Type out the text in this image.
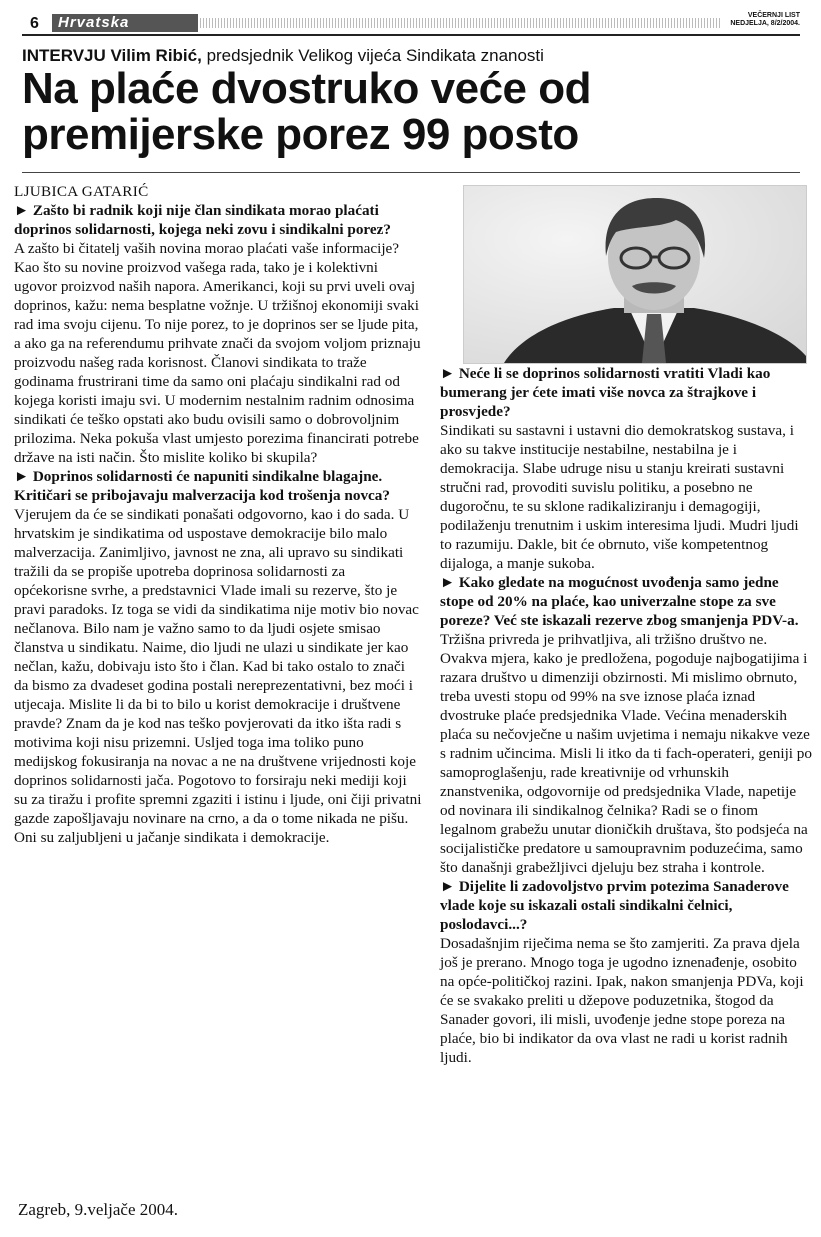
6	Hrvatska	VEČERNJI LIST
NEDJELJA, 8/2/2004.
INTERVJU Vilim Ribić, predsjednik Velikog vijeća Sindikata znanosti
Na plaće dvostruko veće od
premijerske porez 99 posto

LJUBICA GATARIĆ

► Zašto bi radnik koji nije član sindikata morao plaćati doprinos solidarnosti, kojega neki zovu i sindikalni porez?

A zašto bi čitatelj vaših novina morao plaćati vaše informacije? Kao što su novine proizvod vašega rada, tako je i kolektivni ugovor proizvod naših napora. Amerikanci, koji su prvi uveli ovaj doprinos, kažu: nema besplatne vožnje. U tržišnoj ekonomiji svaki rad ima svoju cijenu. To nije porez, to je doprinos ser se ljude pita, a ako ga na referendumu prihvate znači da svojom voljom priznaju proizvodu našeg rada korisnost. Članovi sindikata to traže godinama frustrirani time da samo oni plaćaju sindikalni rad od kojega koristi imaju svi. U modernim nestalnim radnim odnosima sindikati će teško opstati ako budu ovisili samo o dobrovoljnim prilozima. Neka pokuša vlast umjesto porezima financirati potrebe države na isti način. Što mislite koliko bi skupila?

► Doprinos solidarnosti će napuniti sindikalne blagajne. Kritičari se pribojavaju malverzacija kod trošenja novca?

Vjerujem da će se sindikati ponašati odgovorno, kao i do sada. U hrvatskim je sindikatima od uspostave demokracije bilo malo malverzacija. Zanimljivo, javnost ne zna, ali upravo su sindikati tražili da se propiše upotreba doprinosa solidarnosti za općekorisne svrhe, a predstavnici Vlade imali su rezerve, što je pravi paradoks. Iz toga se vidi da sindikatima nije motiv bio novac nečlanova. Bilo nam je važno samo to da ljudi osjete smisao članstva u sindikatu. Naime, dio ljudi ne ulazi u sindikate jer kao nečlan, kažu, dobivaju isto što i član. Kad bi tako ostalo to znači da bismo za dvadeset godina postali nereprezentativni, bez moći i utjecaja. Mislite li da bi to bilo u korist demokracije i društvene pravde? Znam da je kod nas teško povjerovati da itko išta radi s motivima koji nisu prizemni. Usljed toga ima toliko puno medijskog fokusiranja na novac a ne na društvene vrijednosti koje doprinos solidarnosti jača. Pogotovo to forsiraju neki mediji koji su za tiražu i profite spremni zgaziti i istinu i ljude, oni čiji privatni gazde zapošljavaju novinare na crno, a da o tome nikada ne pišu. Oni su zaljubljeni u jačanje sindikata i demokracije.

► Neće li se doprinos solidarnosti vratiti Vladi kao bumerang jer ćete imati više novca za štrajkove i prosvjede?

Sindikati su sastavni i ustavni dio demokratskog sustava, i ako su takve institucije nestabilne, nestabilna je i demokracija. Slabe udruge nisu u stanju kreirati sustavni stručni rad, provoditi suvislu politiku, a posebno ne dugoročnu, te su sklone radikaliziranju i demagogiji, podilaženju trenutnim i uskim interesima ljudi. Mudri ljudi to razumiju. Dakle, bit će obrnuto, više kompetentnog dijaloga, a manje sukoba.

► Kako gledate na mogućnost uvođenja samo jedne stope od 20% na plaće, kao univerzalne stope za sve poreze? Već ste iskazali rezerve zbog smanjenja PDV-a.

Tržišna privreda je prihvatljiva, ali tržišno društvo ne. Ovakva mjera, kako je predložena, pogoduje najbogatijima i razara društvo u dimenziji obzirnosti. Mi mislimo obrnuto, treba uvesti stopu od 99% na sve iznose plaća iznad dvostruke plaće predsjednika Vlade. Većina menaderskih plaća su nečovječne u našim uvjetima i nemaju nikakve veze s radnim učincima. Misli li itko da ti fach-operateri, geniji po samoproglašenju, rade kreativnije od vrhunskih znanstvenika, odgovornije od predsjednika Vlade, napetije od novinara ili sindikalnog čelnika? Radi se o finom legalnom grabežu unutar dioničkih društava, što podsjeća na socijalističke predatore u samoupravnim poduzećima, samo što današnji grabežljivci djeluju bez straha i kontrole.

► Dijelite li zadovoljstvo prvim potezima Sanaderove vlade koje su iskazali ostali sindikalni čelnici, poslodavci...?

Dosadašnjim riječima nema se što zamjeriti. Za prava djela još je prerano. Mnogo toga je ugodno iznenađenje, osobito na opće-političkoj razini. Ipak, nakon smanjenja PDVa, koji će se svakako preliti u džepove poduzetnika, štogod da Sanader govori, ili misli, uvođenje jedne stope poreza na plaće, bio bi indikator da ova vlast ne radi u korist radnih ljudi.

Zagreb, 9.veljače 2004.
